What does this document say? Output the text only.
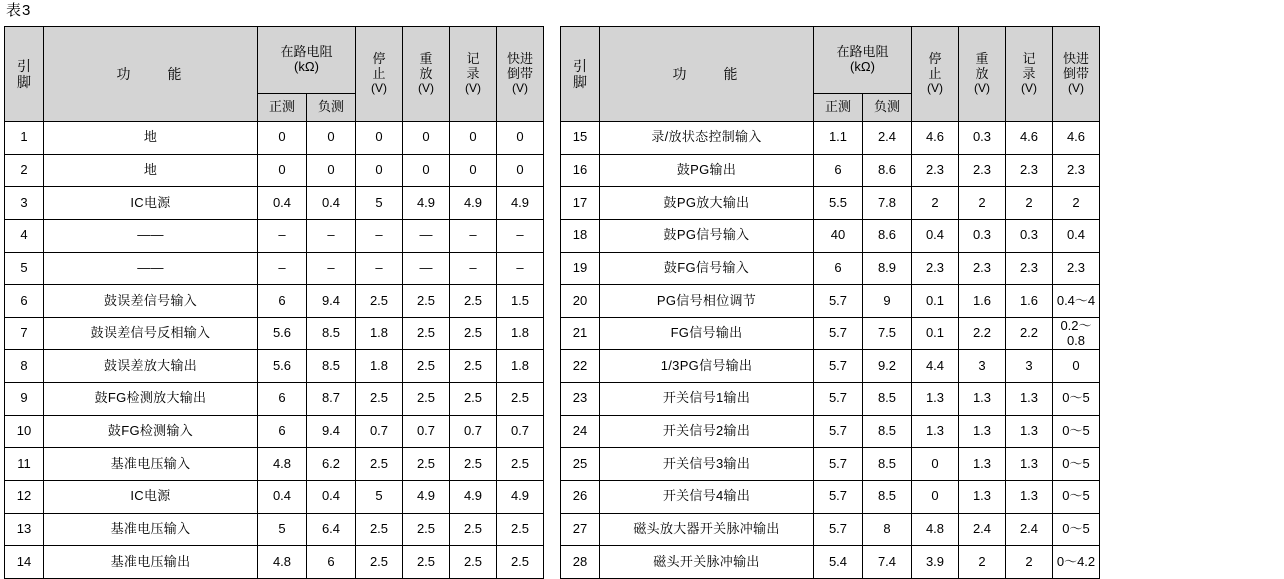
表3
引
脚	功　　能	在路电阻
(kΩ)		停
止
(V)	重
放
(V)	记
录
(V)	快进
倒带
(V)
		正测	负测				
1	地	0	0	0	0	0	0
2	地	0	0	0	0	0	0
3	IC电源	0.4	0.4	5	4.9	4.9	4.9
4	——	–	–	–	—	–	–
5	——	–	–	–	—	–	–
6	鼓误差信号输入	6	9.4	2.5	2.5	2.5	1.5
7	鼓误差信号反相输入	5.6	8.5	1.8	2.5	2.5	1.8
8	鼓误差放大输出	5.6	8.5	1.8	2.5	2.5	1.8
9	鼓FG检测放大输出	6	8.7	2.5	2.5	2.5	2.5
10	鼓FG检测输入	6	9.4	0.7	0.7	0.7	0.7
11	基准电压输入	4.8	6.2	2.5	2.5	2.5	2.5
12	IC电源	0.4	0.4	5	4.9	4.9	4.9
13	基准电压输入	5	6.4	2.5	2.5	2.5	2.5
14	基准电压输出	4.8	6	2.5	2.5	2.5	2.5
引
脚	功　　能	在路电阻
(kΩ)		停
止
(V)	重
放
(V)	记
录
(V)	快进
倒带
(V)
		正测	负测				
15	录/放状态控制输入	1.1	2.4	4.6	0.3	4.6	4.6
16	鼓PG输出	6	8.6	2.3	2.3	2.3	2.3
17	鼓PG放大输出	5.5	7.8	2	2	2	2
18	鼓PG信号输入	40	8.6	0.4	0.3	0.3	0.4
19	鼓FG信号输入	6	8.9	2.3	2.3	2.3	2.3
20	PG信号相位调节	5.7	9	0.1	1.6	1.6	0.4～4
21	FG信号输出	5.7	7.5	0.1	2.2	2.2	0.2～0.8
22	1/3PG信号输出	5.7	9.2	4.4	3	3	0
23	开关信号1输出	5.7	8.5	1.3	1.3	1.3	0～5
24	开关信号2输出	5.7	8.5	1.3	1.3	1.3	0～5
25	开关信号3输出	5.7	8.5	0	1.3	1.3	0～5
26	开关信号4输出	5.7	8.5	0	1.3	1.3	0～5
27	磁头放大器开关脉冲输出	5.7	8	4.8	2.4	2.4	0～5
28	磁头开关脉冲输出	5.4	7.4	3.9	2	2	0～4.2
